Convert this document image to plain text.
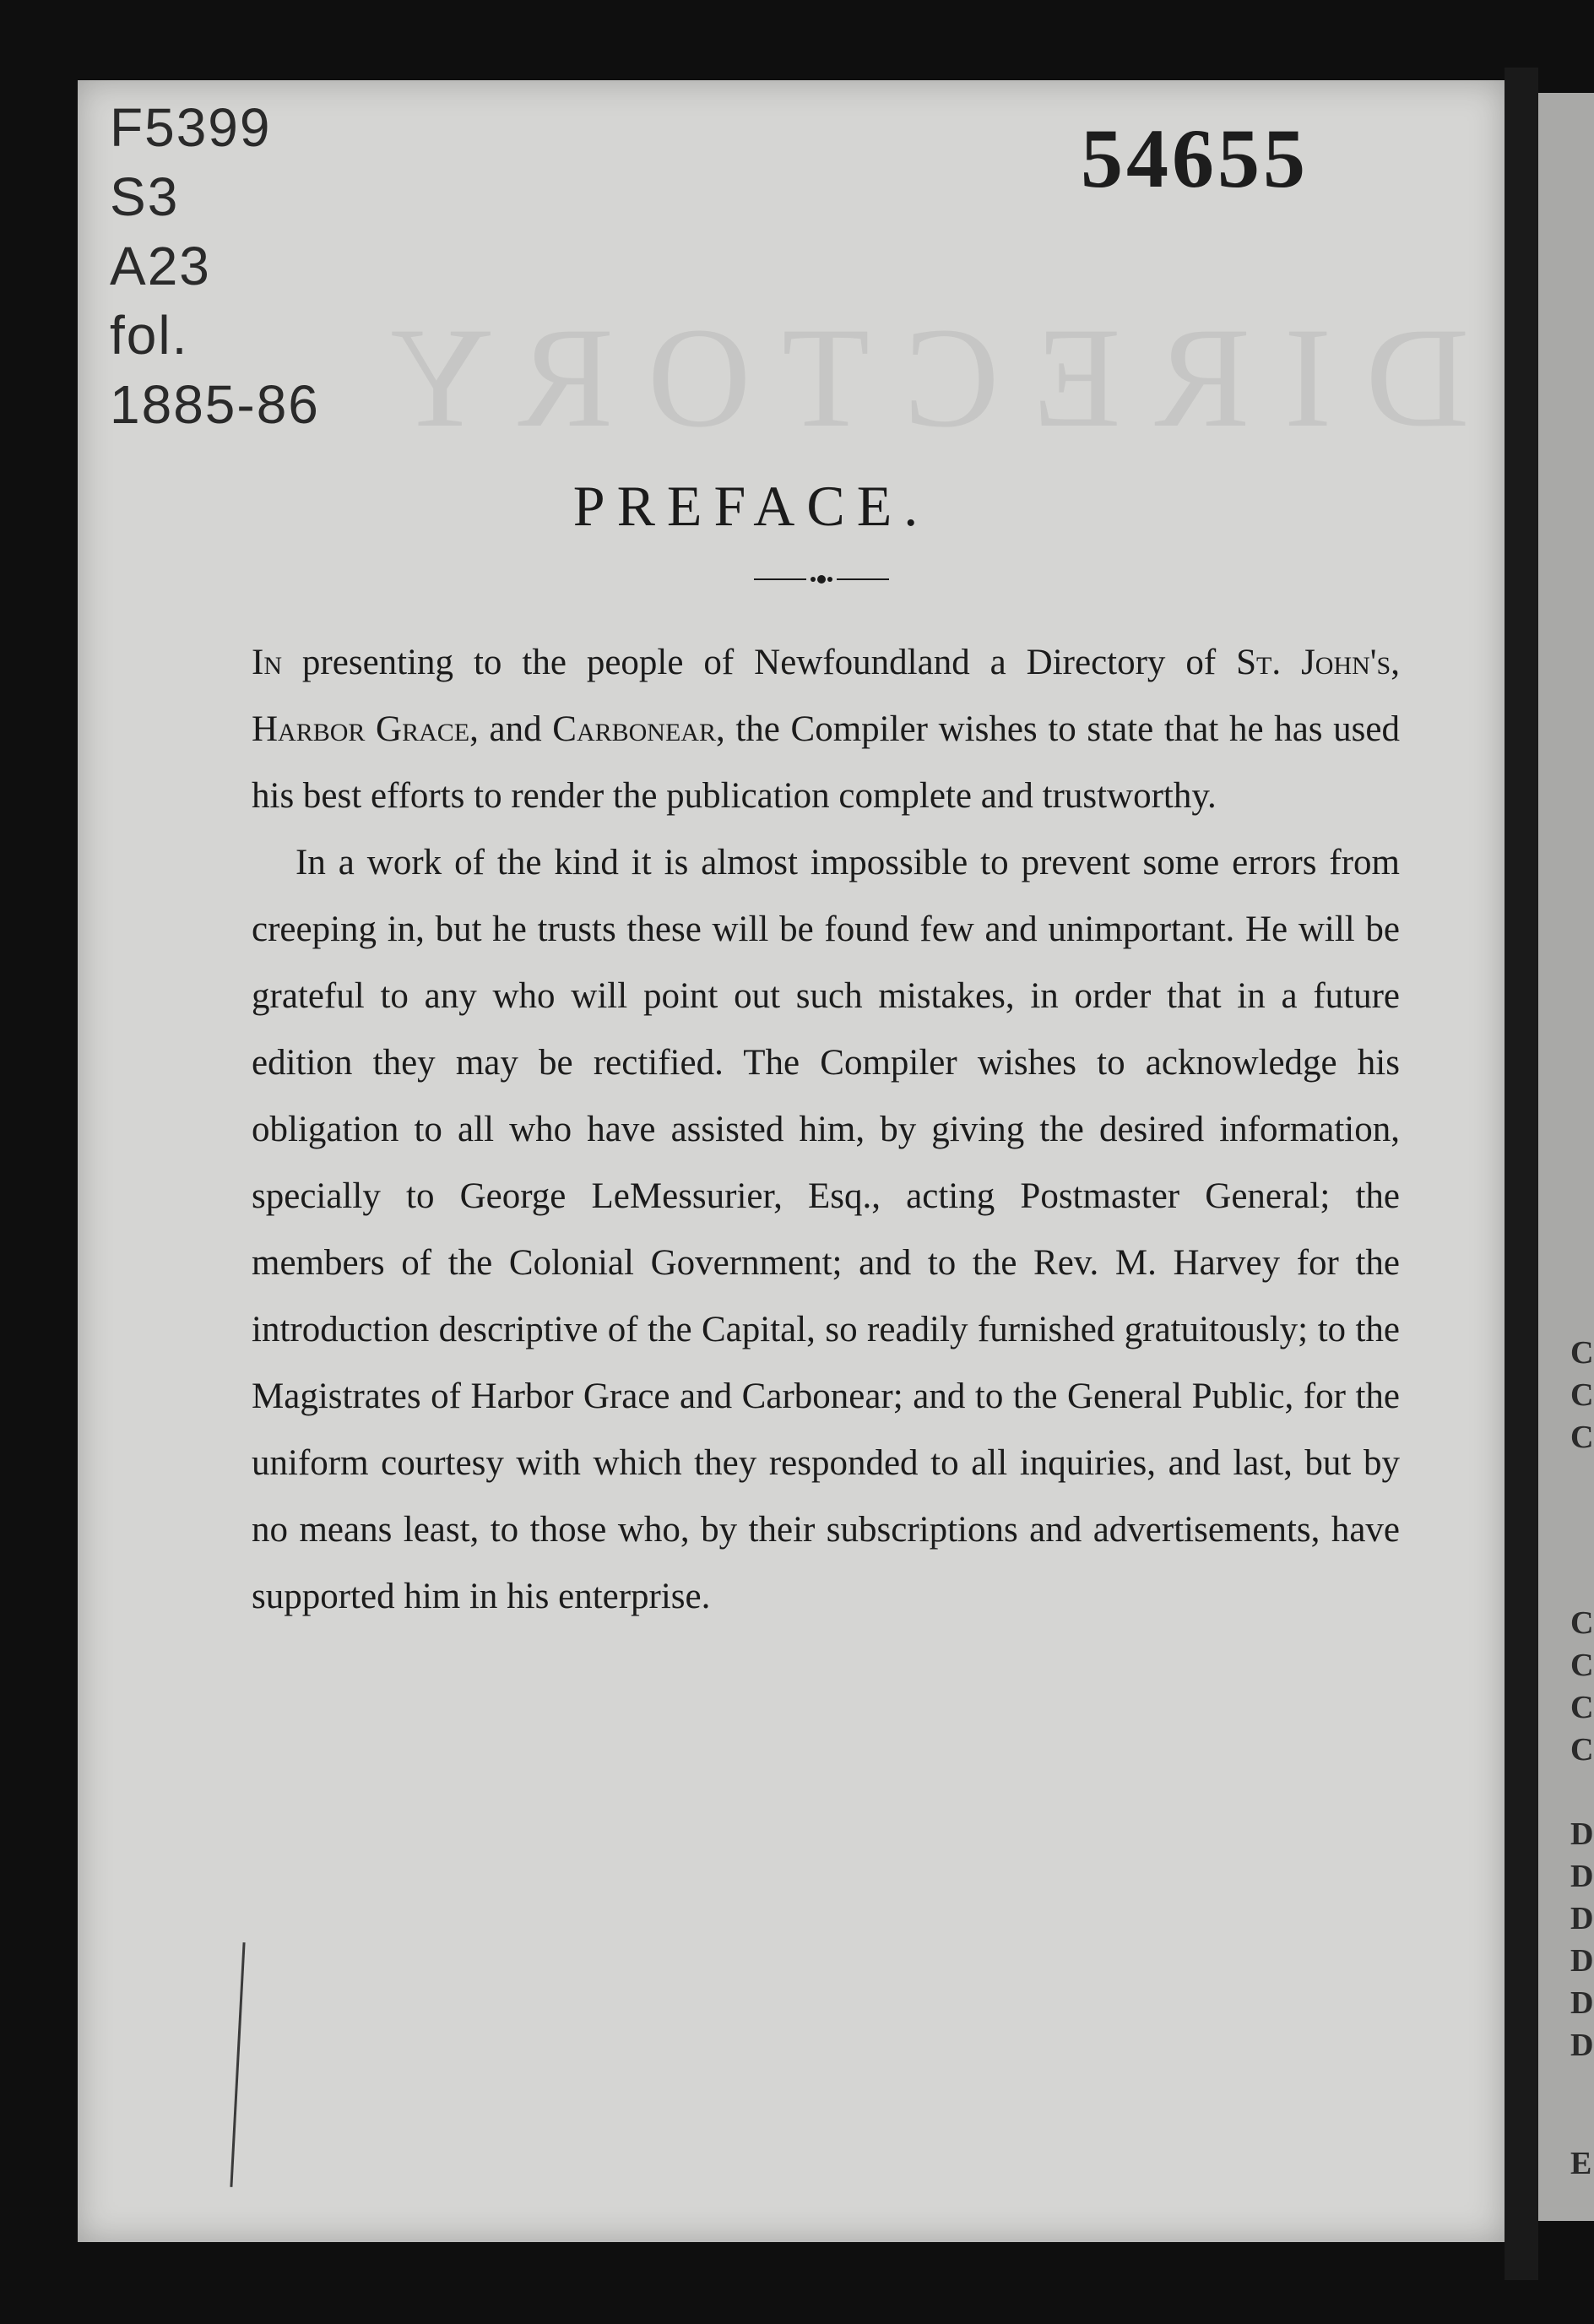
C
C
C
C
C
C
C
D
D
D
D
D
D
E
DIRECTORY
F5399
S3
A23
fol.
1885-86
54655
PREFACE.

In presenting to the people of Newfoundland a Directory of St. John's, Harbor Grace, and Carbonear, the Compiler wishes to state that he has used his best efforts to render the publication complete and trustworthy.

In a work of the kind it is almost impossible to prevent some errors from creeping in, but he trusts these will be found few and unimportant. He will be grateful to any who will point out such mistakes, in order that in a future edition they may be rectified. The Compiler wishes to acknowledge his obligation to all who have assisted him, by giving the desired information, specially to George LeMessurier, Esq., acting Postmaster General; the members of the Colonial Government; and to the Rev. M. Harvey for the introduction descriptive of the Capital, so readily furnished gratuitously; to the Magistrates of Harbor Grace and Carbonear; and to the General Public, for the uniform courtesy with which they responded to all inquiries, and last, but by no means least, to those who, by their subscriptions and advertisements, have supported him in his enterprise.
